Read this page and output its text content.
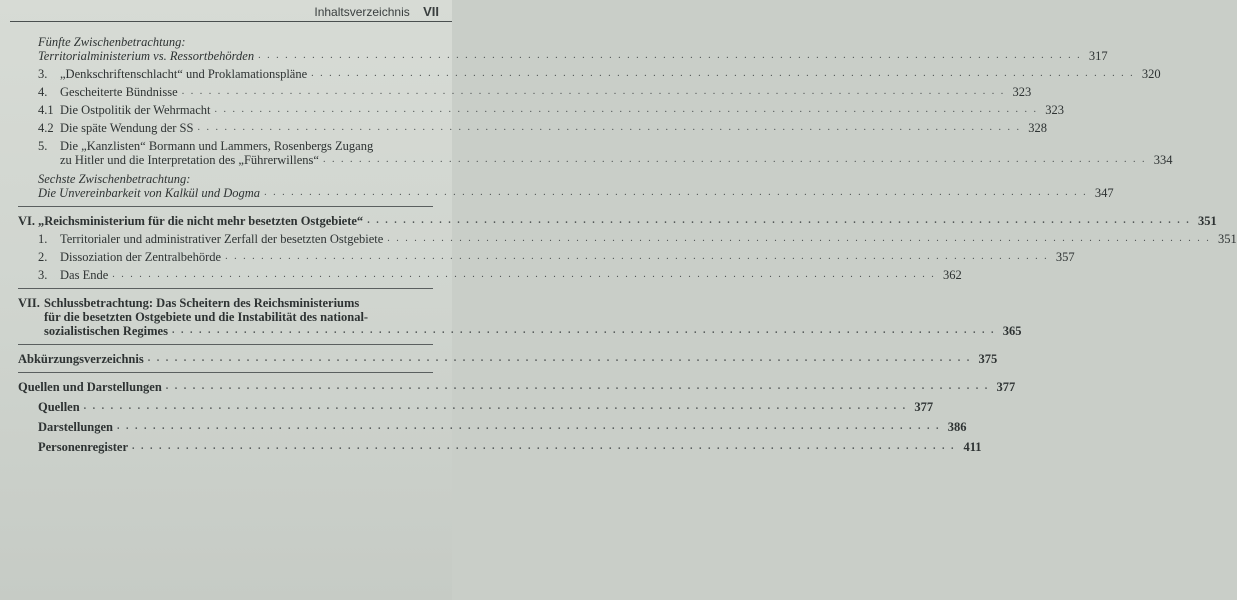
Inhaltsverzeichnis VII
Fünfte Zwischenbetrachtung:
Territorialministerium vs. Ressortbehörden . . .	317
3.	„Denkschriftenschlacht“ und Proklamationspläne . . .	320
4.	Gescheiterte Bündnisse . . .	323
4.1 Die Ostpolitik der Wehrmacht . . .	323
4.2 Die späte Wendung der SS . . .	328
5.	Die „Kanzlisten“ Bormann und Lammers, Rosenbergs Zugang
zu Hitler und die Interpretation des „Führerwillens“ . . .	334
Sechste Zwischenbetrachtung:
Die Unvereinbarkeit von Kalkül und Dogma . . .	347
VI. „Reichsministerium für die nicht mehr besetzten Ostgebiete“ . . .	351
1.	Territorialer und administrativer Zerfall der besetzten Ostgebiete . . .	351
2.	Dissoziation der Zentralbehörde . . .	357
3.	Das Ende . . .	362
VII. Schlussbetrachtung: Das Scheitern des Reichsministeriums
für die besetzten Ostgebiete und die Instabilität des national-
sozialistischen Regimes . . .	365
Abkürzungsverzeichnis . . .	375
Quellen und Darstellungen . . .	377
Quellen . . .	377
Darstellungen . . .	386
Personenregister . . .	411
